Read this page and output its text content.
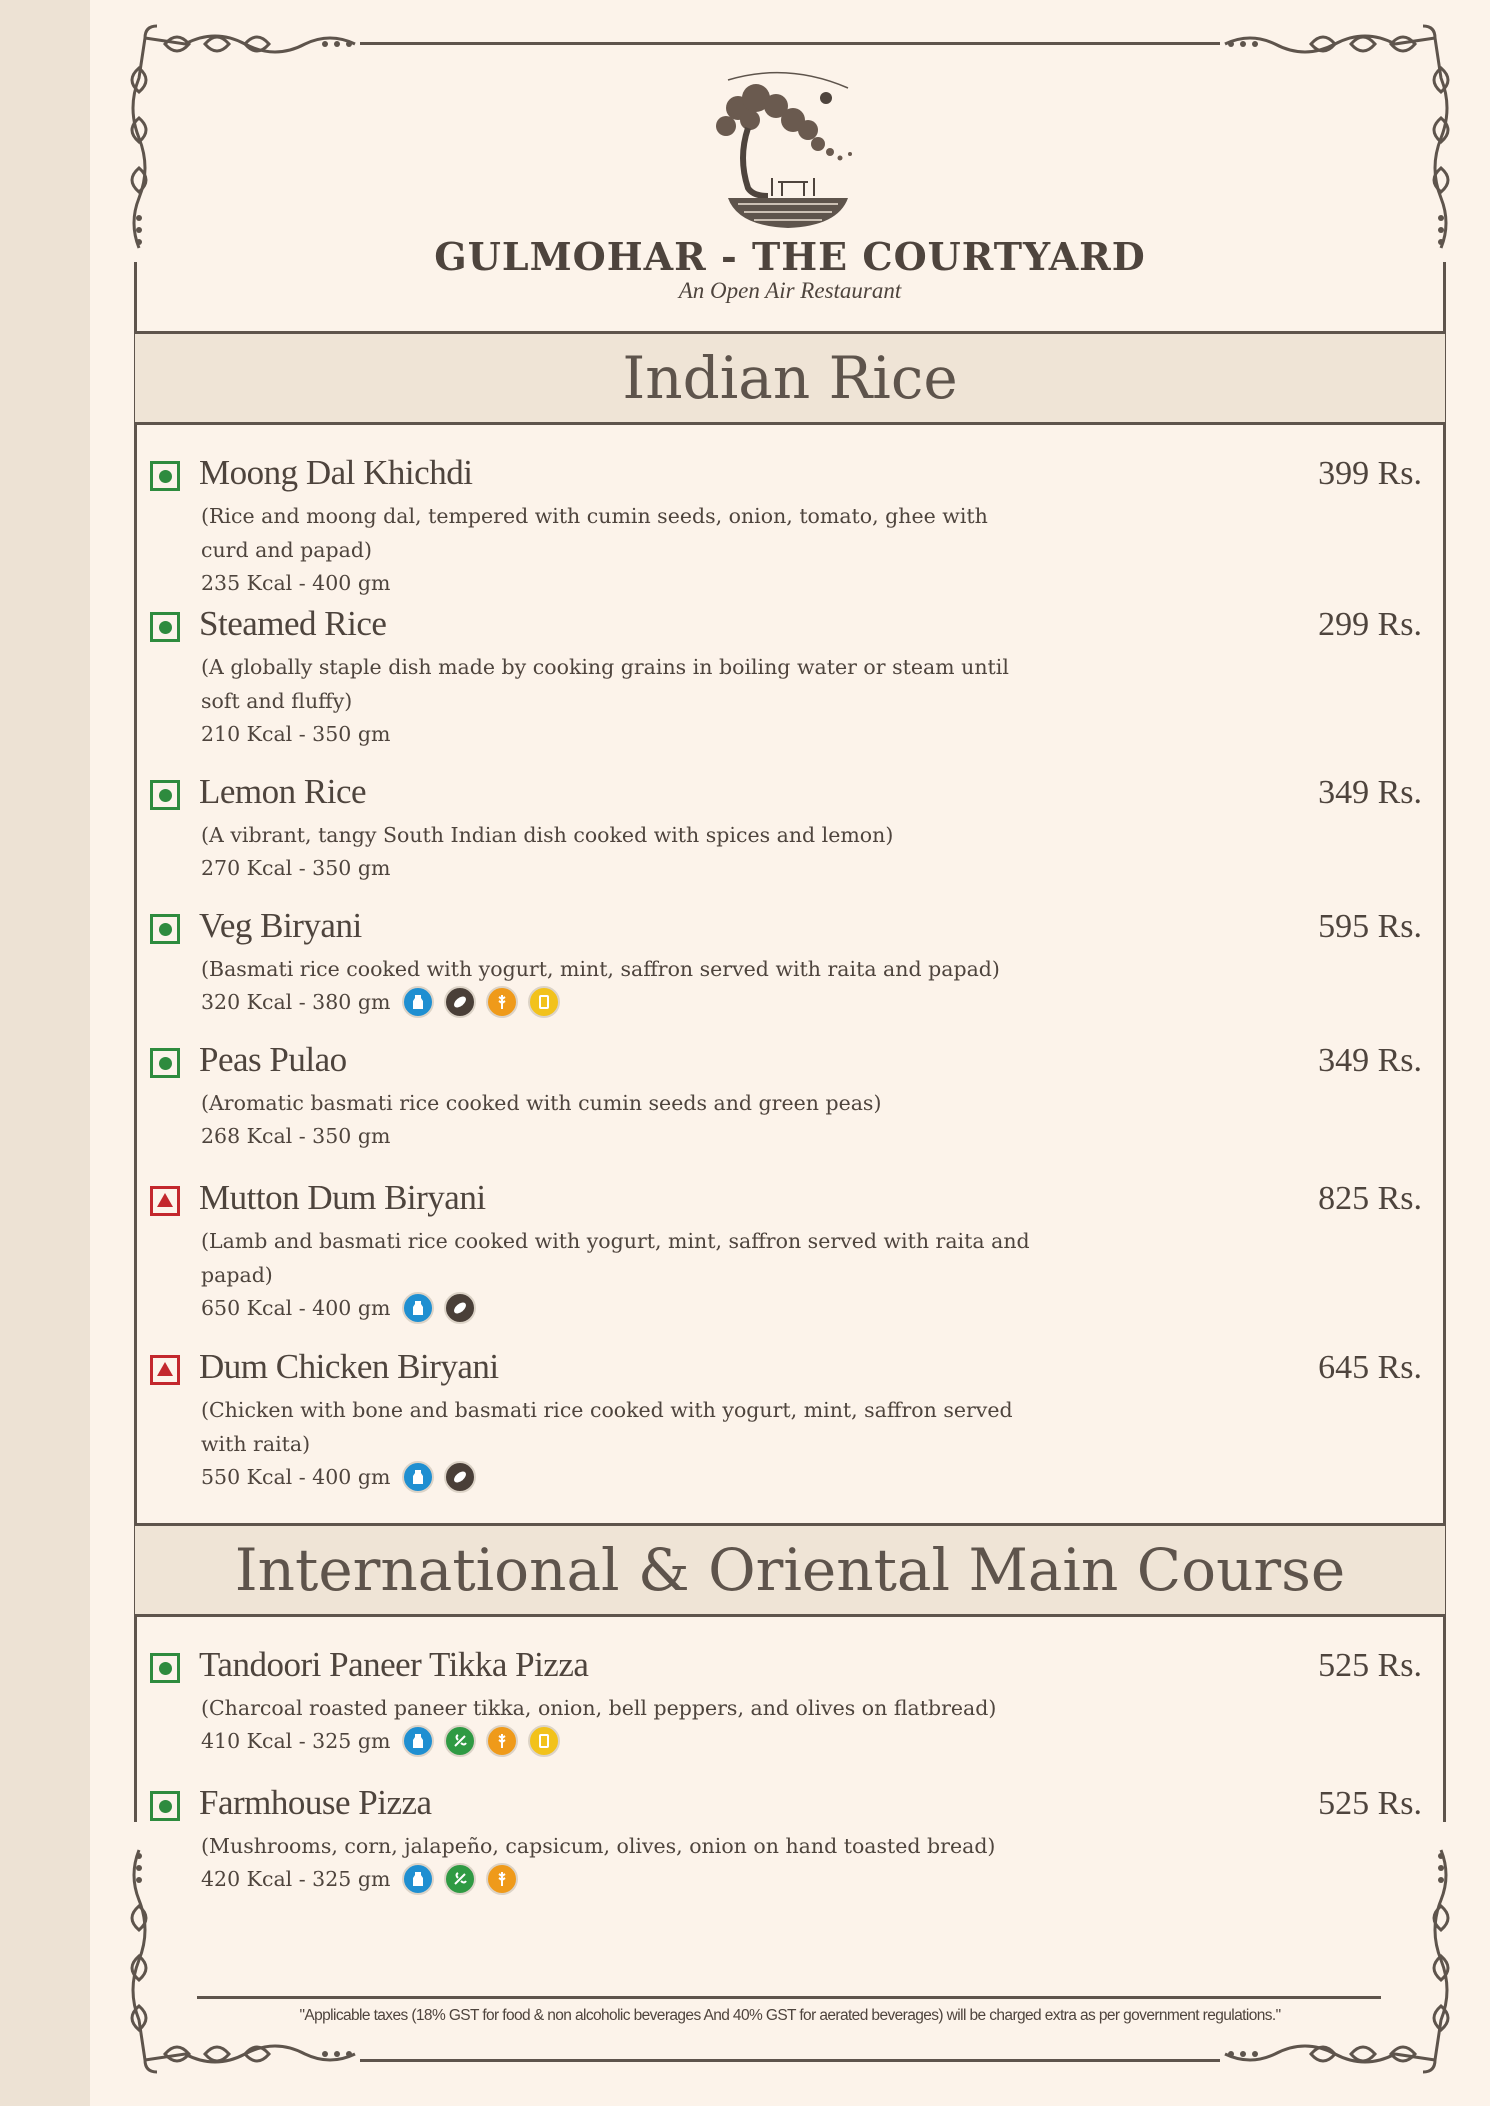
GULMOHAR - THE COURTYARD
An Open Air Restaurant
Indian Rice
Moong Dal Khichdi	399 Rs.
(Rice and moong dal, tempered with cumin seeds, onion, tomato, ghee with curd and papad)
235 Kcal - 400 gm
Steamed Rice	299 Rs.
(A globally staple dish made by cooking grains in boiling water or steam until soft and fluffy)
210 Kcal - 350 gm
Lemon Rice	349 Rs.
(A vibrant, tangy South Indian dish cooked with spices and lemon)
270 Kcal - 350 gm
Veg Biryani	595 Rs.
(Basmati rice cooked with yogurt, mint, saffron served with raita and papad)
320 Kcal - 380 gm
Peas Pulao	349 Rs.
(Aromatic basmati rice cooked with cumin seeds and green peas)
268 Kcal - 350 gm
Mutton Dum Biryani	825 Rs.
(Lamb and basmati rice cooked with yogurt, mint, saffron served with raita and papad)
650 Kcal - 400 gm
Dum Chicken Biryani	645 Rs.
(Chicken with bone and basmati rice cooked with yogurt, mint, saffron served with raita)
550 Kcal - 400 gm
International & Oriental Main Course
Tandoori Paneer Tikka Pizza	525 Rs.
(Charcoal roasted paneer tikka, onion, bell peppers, and olives on flatbread)
410 Kcal - 325 gm
Farmhouse Pizza	525 Rs.
(Mushrooms, corn, jalapeño, capsicum, olives, onion on hand toasted bread)
420 Kcal - 325 gm
"Applicable taxes (18% GST for food & non alcoholic beverages And 40% GST for aerated beverages) will be charged extra as per government regulations."
